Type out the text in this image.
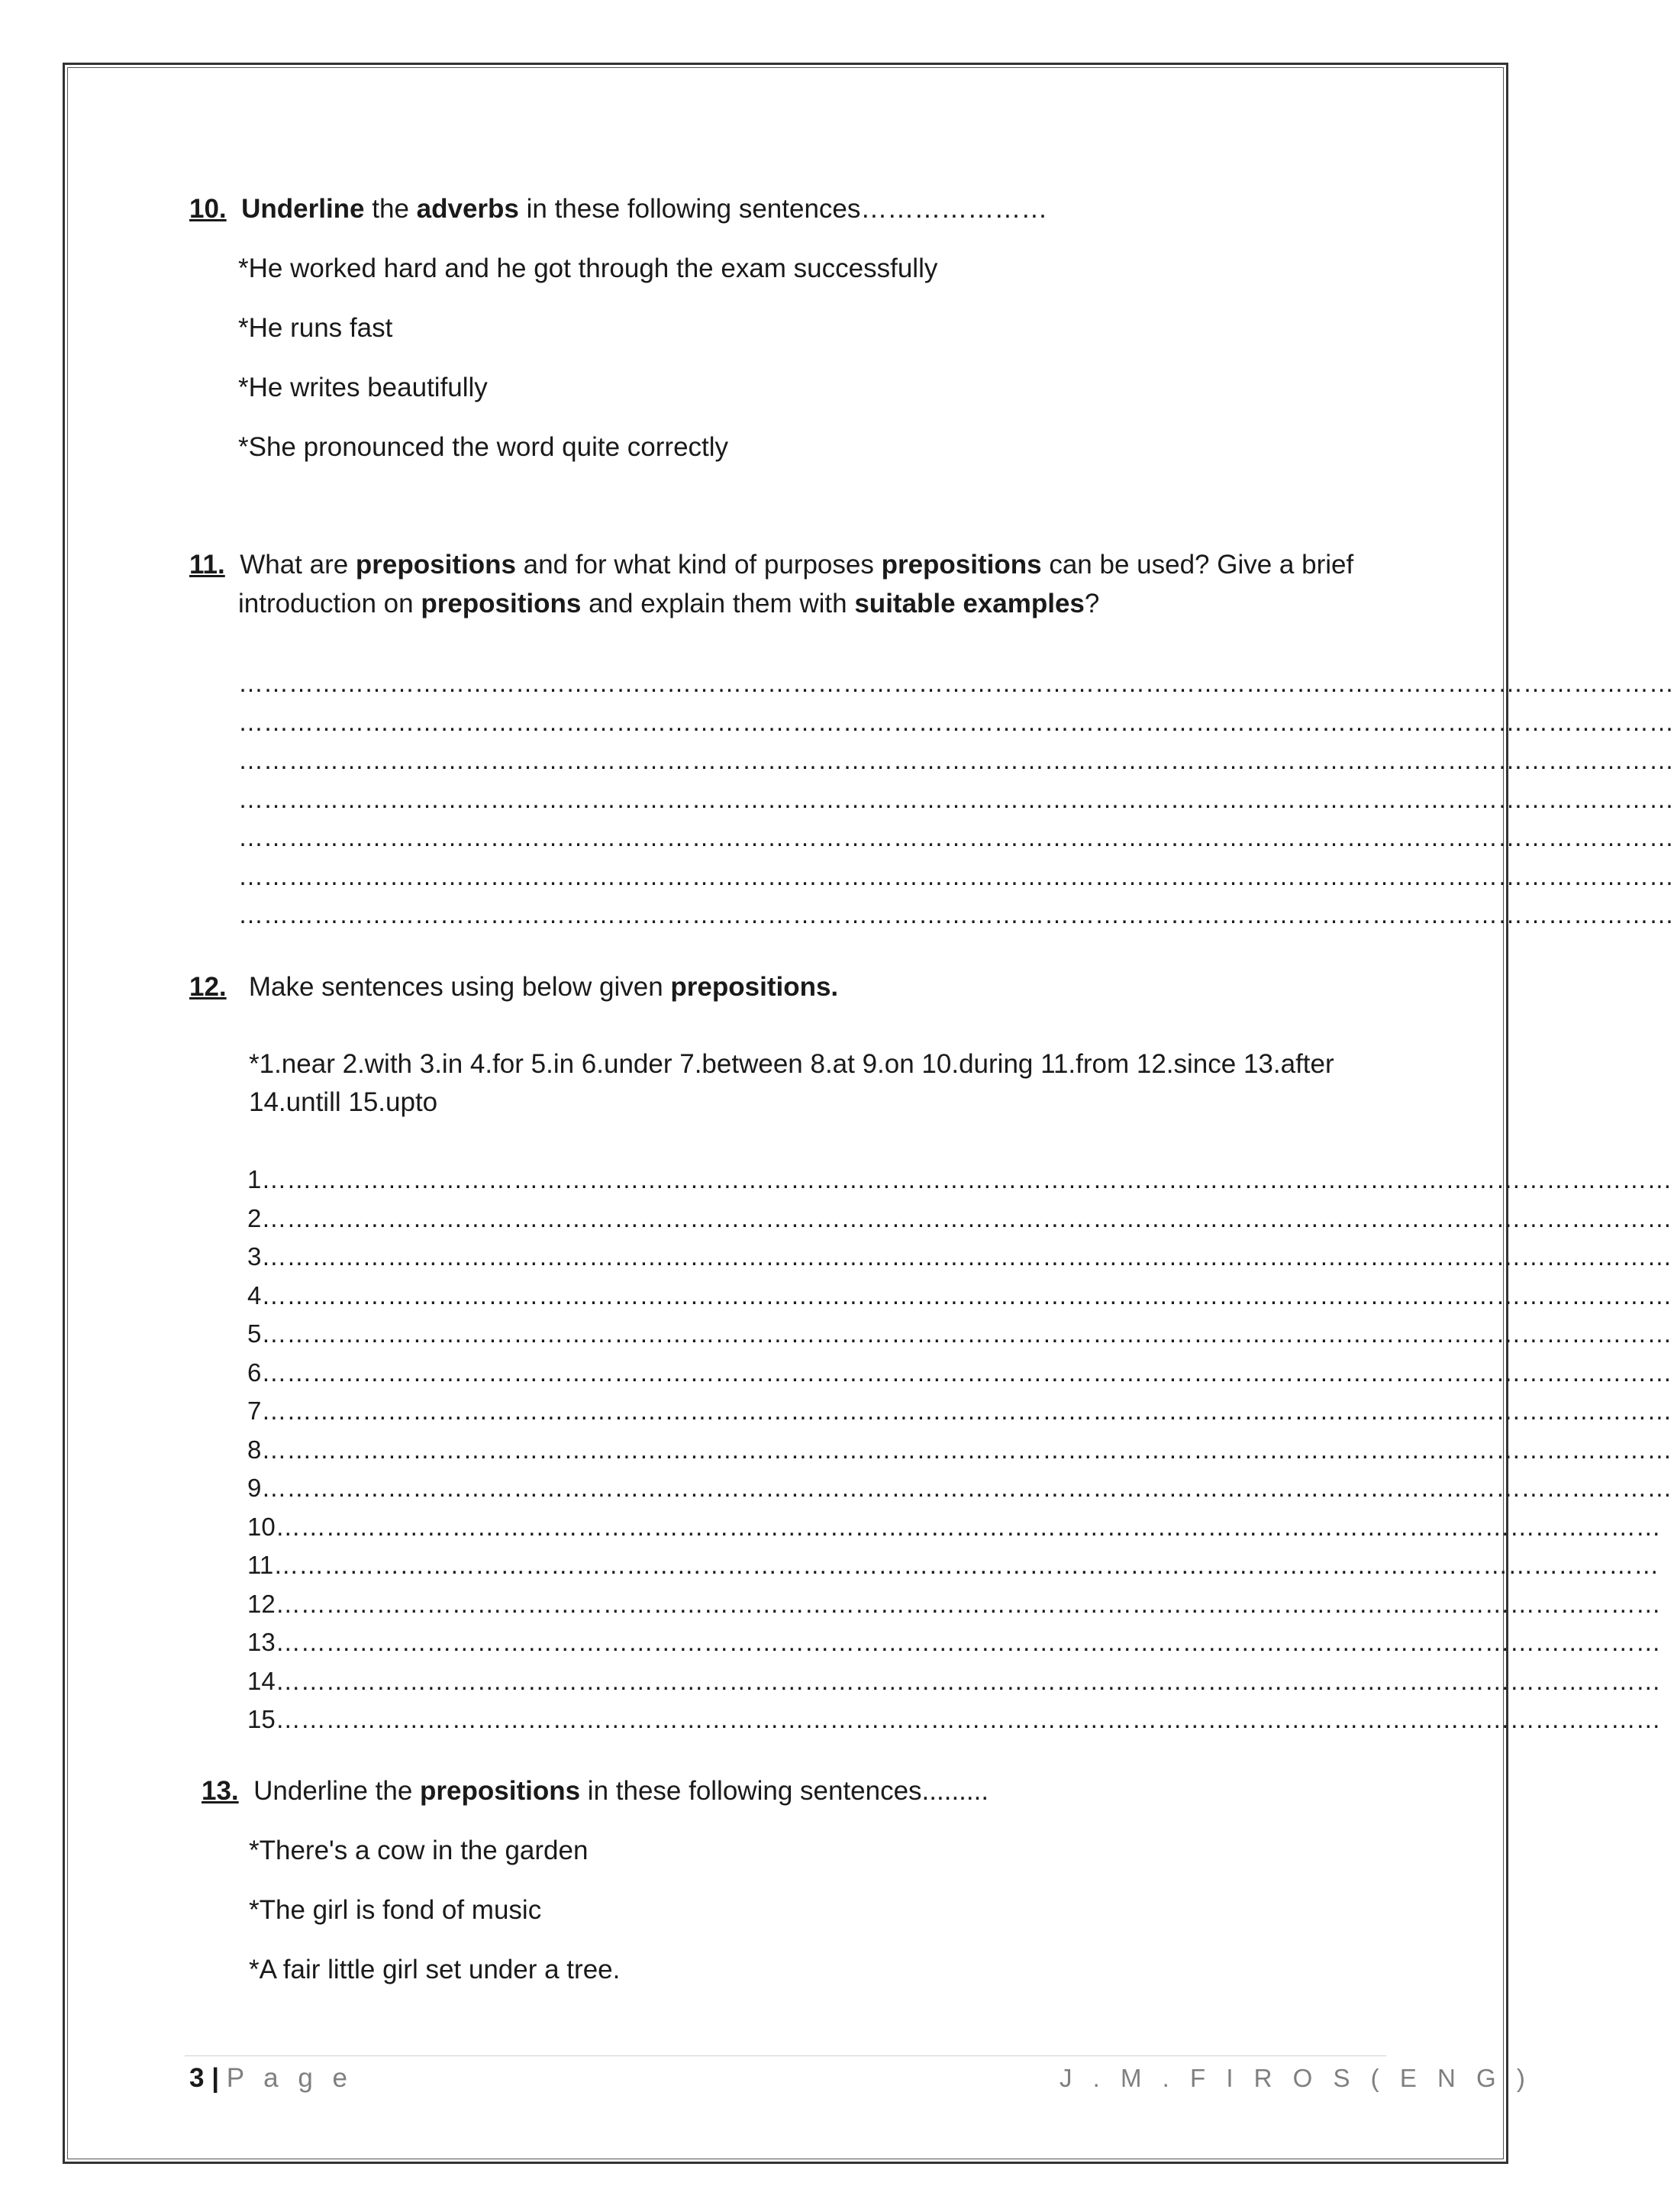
10. Underline the adverbs in these following sentences…………………
*He worked hard and he got through the exam successfully
*He runs fast
*He writes beautifully
*She pronounced the word quite correctly
11. What are prepositions and for what kind of purposes prepositions can be used? Give a brief
introduction on prepositions and explain them with suitable examples?
………………………………………………………………………………………………………………………………………………………
………………………………………………………………………………………………………………………………………………………
………………………………………………………………………………………………………………………………………………………
………………………………………………………………………………………………………………………………………………………
………………………………………………………………………………………………………………………………………………………
………………………………………………………………………………………………………………………………………………………
………………………………………………………………………………………………………………………………………………………
12. Make sentences using below given prepositions.
*1.near 2.with 3.in 4.for 5.in 6.under 7.between 8.at 9.on 10.during 11.from 12.since 13.after
14.untill 15.upto
1……………………………………………………………………………………………………………………………………………………
2……………………………………………………………………………………………………………………………………………………
3……………………………………………………………………………………………………………………………………………………
4……………………………………………………………………………………………………………………………………………………
5……………………………………………………………………………………………………………………………………………………
6……………………………………………………………………………………………………………………………………………………
7……………………………………………………………………………………………………………………………………………………
8……………………………………………………………………………………………………………………………………………………
9……………………………………………………………………………………………………………………………………………………
10…………………………………………………………………………………………………………………………………………………
11…………………………………………………………………………………………………………………………………………………
12…………………………………………………………………………………………………………………………………………………
13…………………………………………………………………………………………………………………………………………………
14…………………………………………………………………………………………………………………………………………………
15…………………………………………………………………………………………………………………………………………………
13. Underline the prepositions in these following sentences.........
*There's a cow in the garden
*The girl is fond of music
*A fair little girl set under a tree.
3 | P a g e	J . M . F I R O S ( E N G )
